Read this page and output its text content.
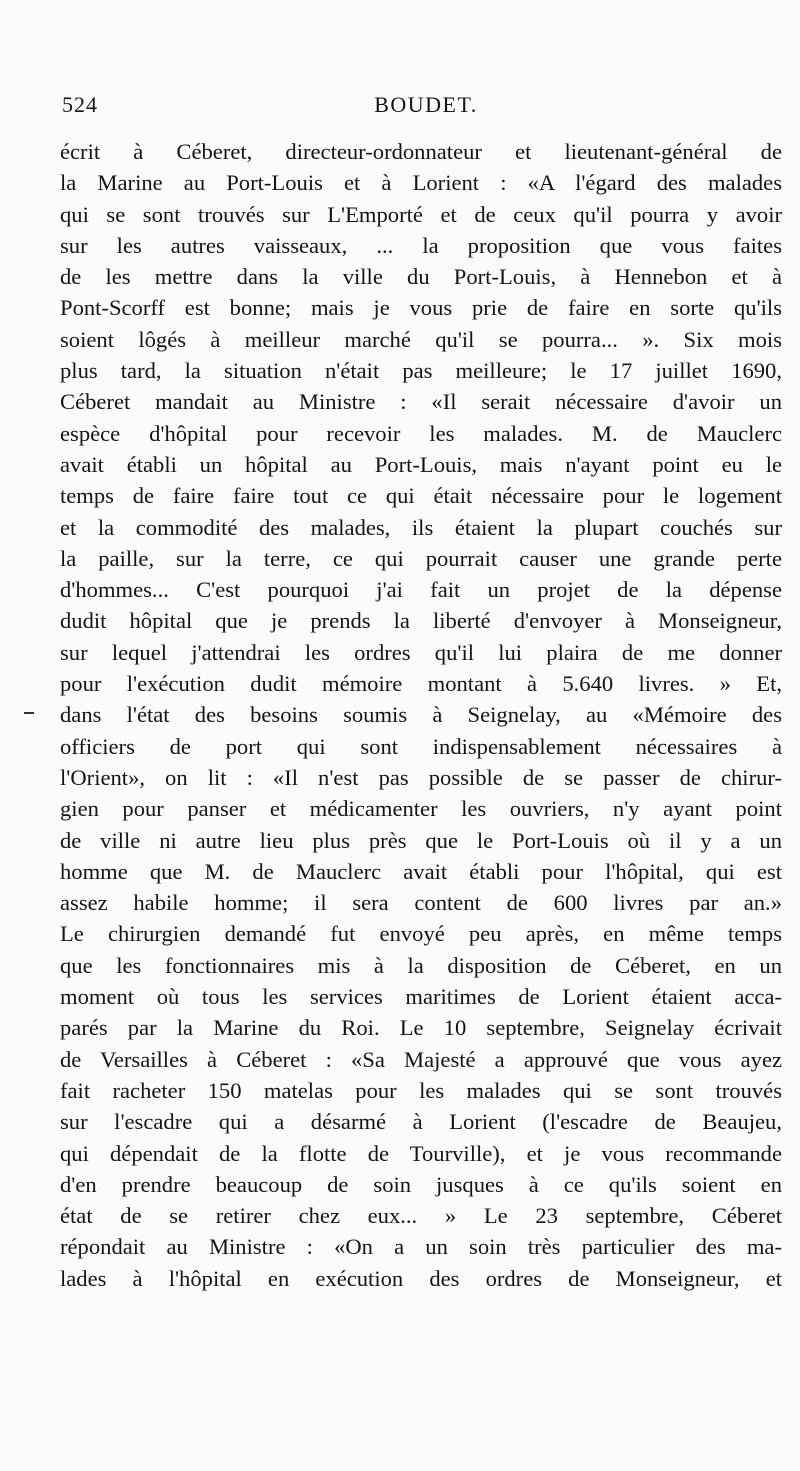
524	BOUDET.
écrit à Céberet, directeur-ordonnateur et lieutenant-général de
la Marine au Port-Louis et à Lorient : «A l'égard des malades
qui se sont trouvés sur L'Emporté et de ceux qu'il pourra y avoir
sur les autres vaisseaux, ... la proposition que vous faites
de les mettre dans la ville du Port-Louis, à Hennebon et à
Pont-Scorff est bonne; mais je vous prie de faire en sorte qu'ils
soient lôgés à meilleur marché qu'il se pourra... ». Six mois
plus tard, la situation n'était pas meilleure; le 17 juillet 1690,
Céberet mandait au Ministre : «Il serait nécessaire d'avoir un
espèce d'hôpital pour recevoir les malades. M. de Mauclerc
avait établi un hôpital au Port-Louis, mais n'ayant point eu le
temps de faire faire tout ce qui était nécessaire pour le logement
et la commodité des malades, ils étaient la plupart couchés sur
la paille, sur la terre, ce qui pourrait causer une grande perte
d'hommes... C'est pourquoi j'ai fait un projet de la dépense
dudit hôpital que je prends la liberté d'envoyer à Monseigneur,
sur lequel j'attendrai les ordres qu'il lui plaira de me donner
pour l'exécution dudit mémoire montant à 5.640 livres. » Et,
dans l'état des besoins soumis à Seignelay, au «Mémoire des
officiers de port qui sont indispensablement nécessaires à
l'Orient», on lit : «Il n'est pas possible de se passer de chirur-
gien pour panser et médicamenter les ouvriers, n'y ayant point
de ville ni autre lieu plus près que le Port-Louis où il y a un
homme que M. de Mauclerc avait établi pour l'hôpital, qui est
assez habile homme; il sera content de 600 livres par an.»
Le chirurgien demandé fut envoyé peu après, en même temps
que les fonctionnaires mis à la disposition de Céberet, en un
moment où tous les services maritimes de Lorient étaient acca-
parés par la Marine du Roi. Le 10 septembre, Seignelay écrivait
de Versailles à Céberet : «Sa Majesté a approuvé que vous ayez
fait racheter 150 matelas pour les malades qui se sont trouvés
sur l'escadre qui a désarmé à Lorient (l'escadre de Beaujeu,
qui dépendait de la flotte de Tourville), et je vous recommande
d'en prendre beaucoup de soin jusques à ce qu'ils soient en
état de se retirer chez eux... » Le 23 septembre, Céberet
répondait au Ministre : «On a un soin très particulier des ma-
lades à l'hôpital en exécution des ordres de Monseigneur, et
